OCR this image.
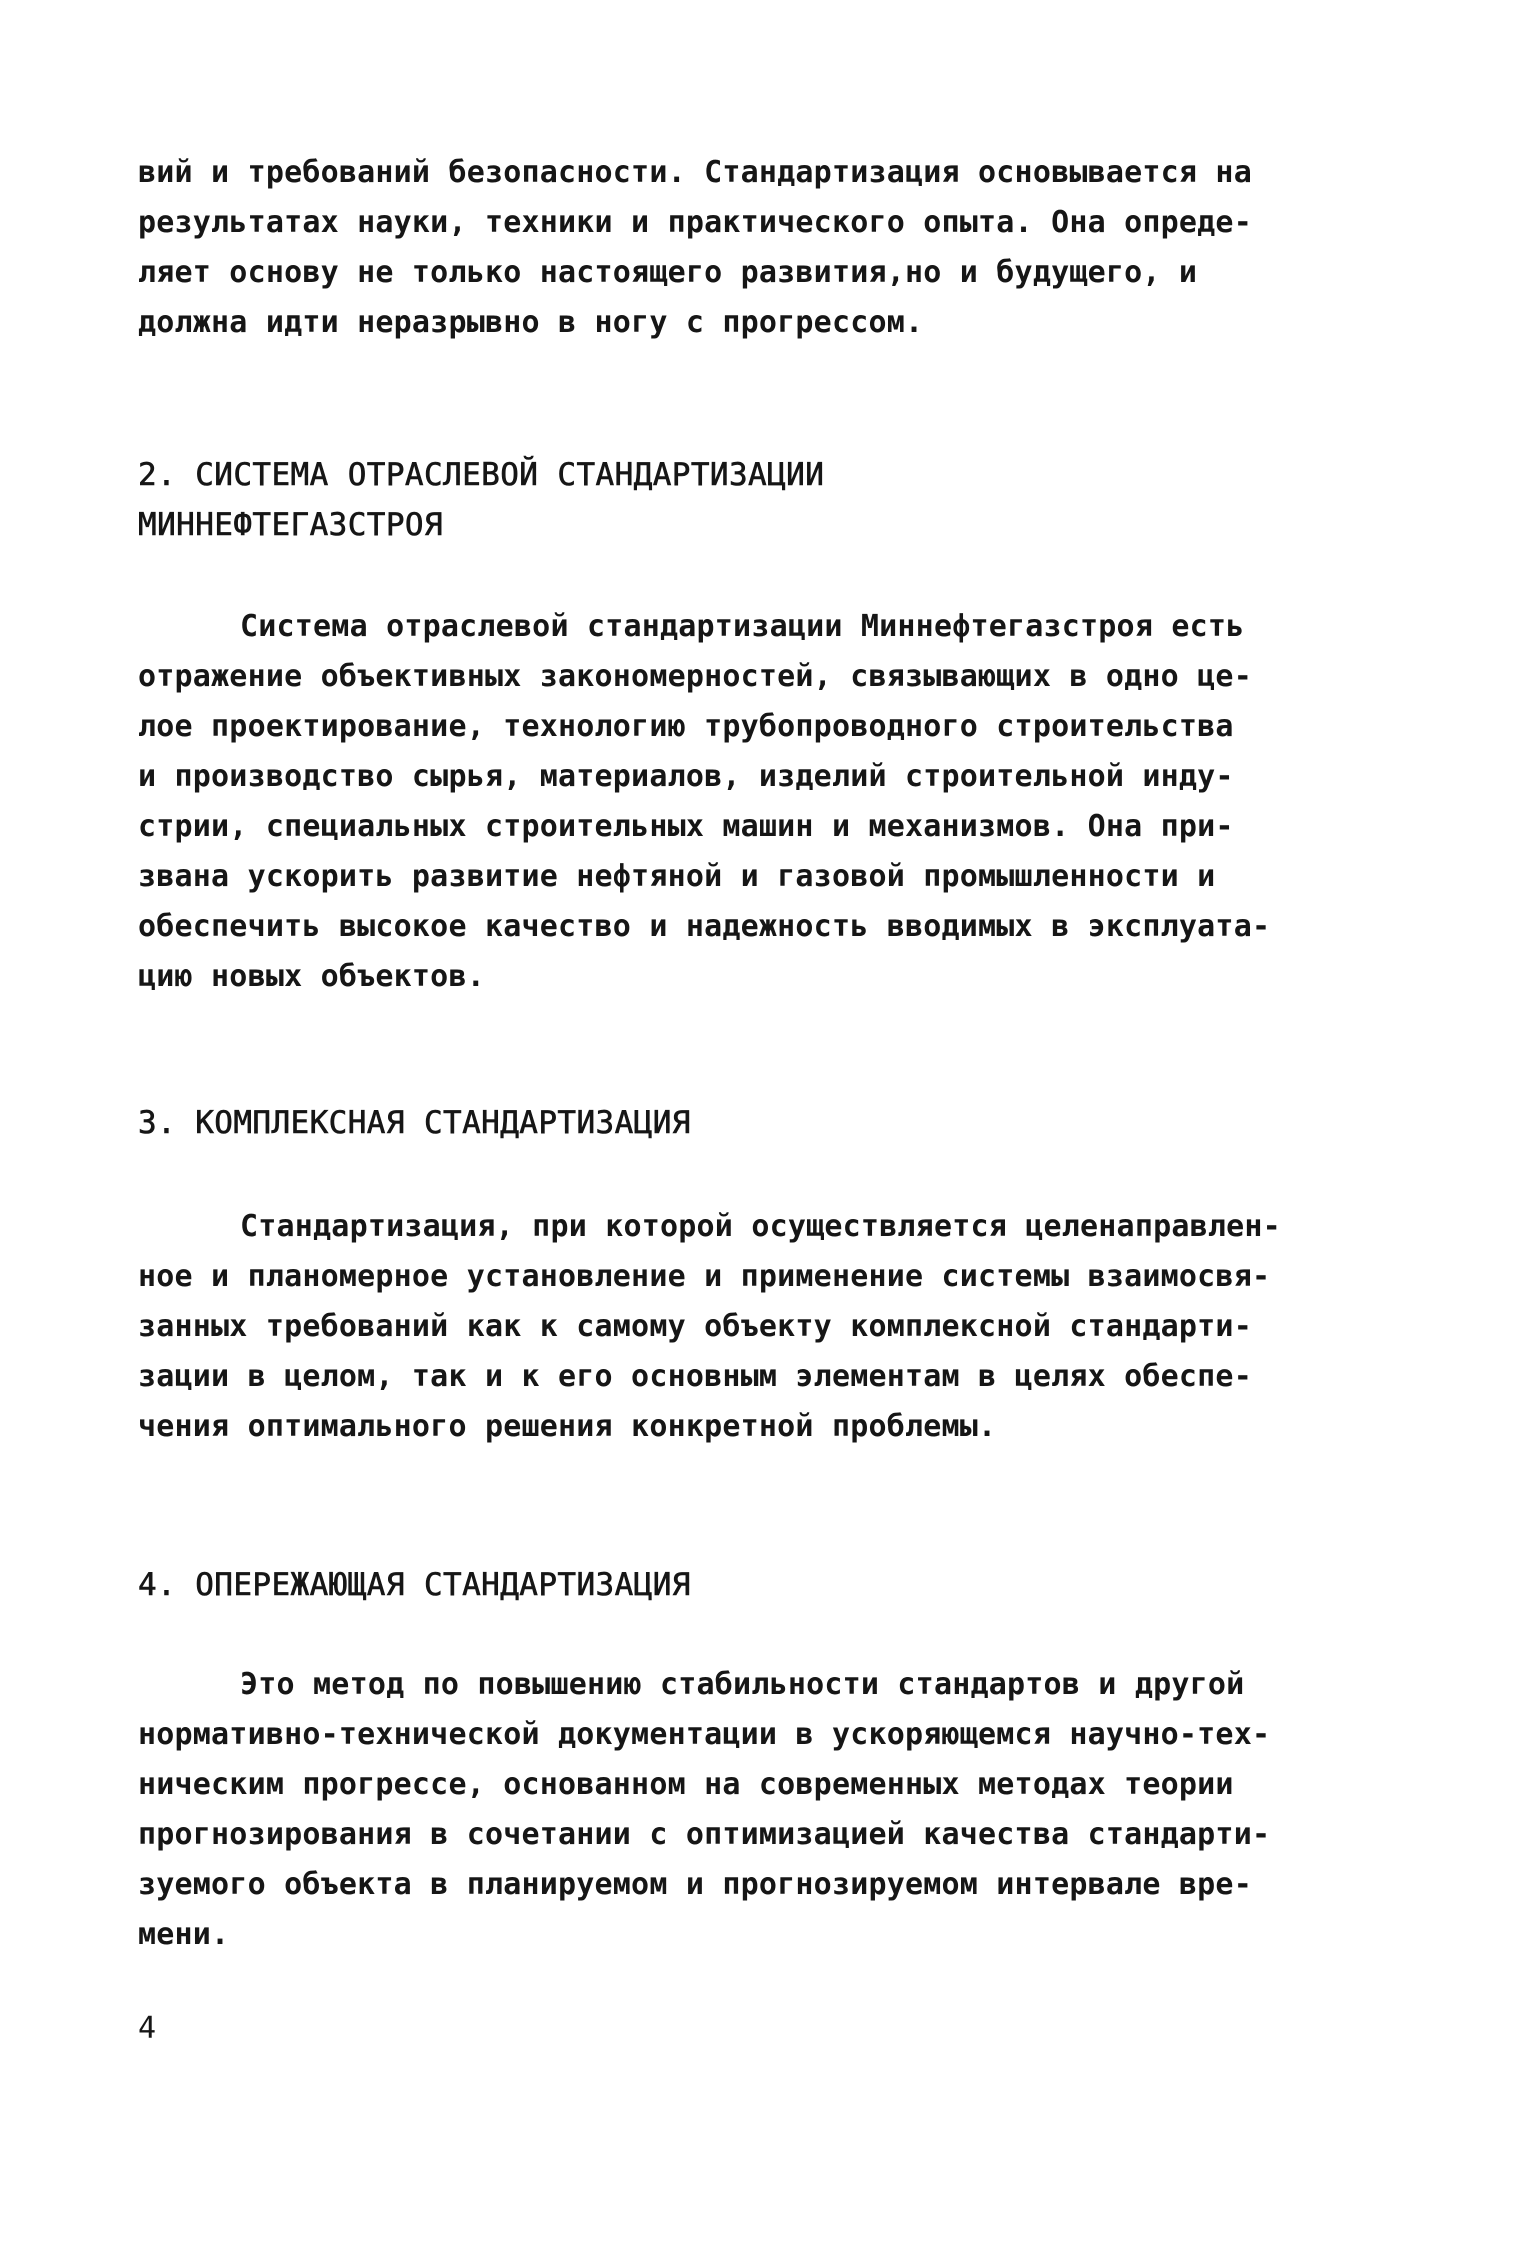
вий и требований безопасности. Стандартизация основывается на
результатах науки, техники и практического опыта. Она опреде-
ляет основу не только настоящего развития,но и будущего, и
должна идти неразрывно в ногу с прогрессом.
2. СИСТЕМА ОТРАСЛЕВОЙ СТАНДАРТИЗАЦИИ
МИННЕФТЕГАЗСТРОЯ
Система отраслевой стандартизации Миннефтегазстроя есть
отражение объективных закономерностей, связывающих в одно це-
лое проектирование, технологию трубопроводного строительства
и производство сырья, материалов, изделий строительной инду-
стрии, специальных строительных машин и механизмов. Она при-
звана ускорить развитие нефтяной и газовой промышленности и
обеспечить высокое качество и надежность вводимых в эксплуата-
цию новых объектов.
3. КОМПЛЕКСНАЯ СТАНДАРТИЗАЦИЯ
Стандартизация, при которой осуществляется целенаправлен-
ное и планомерное установление и применение системы взаимосвя-
занных требований как к самому объекту комплексной стандарти-
зации в целом, так и к его основным элементам в целях обеспе-
чения оптимального решения конкретной проблемы.
4. ОПЕРЕЖАЮЩАЯ СТАНДАРТИЗАЦИЯ
Это метод по повышению стабильности стандартов и другой
нормативно-технической документации в ускоряющемся научно-тех-
ническим прогрессе, основанном на современных методах теории
прогнозирования в сочетании с оптимизацией качества стандарти-
зуемого объекта в планируемом и прогнозируемом интервале вре-
мени.
4
